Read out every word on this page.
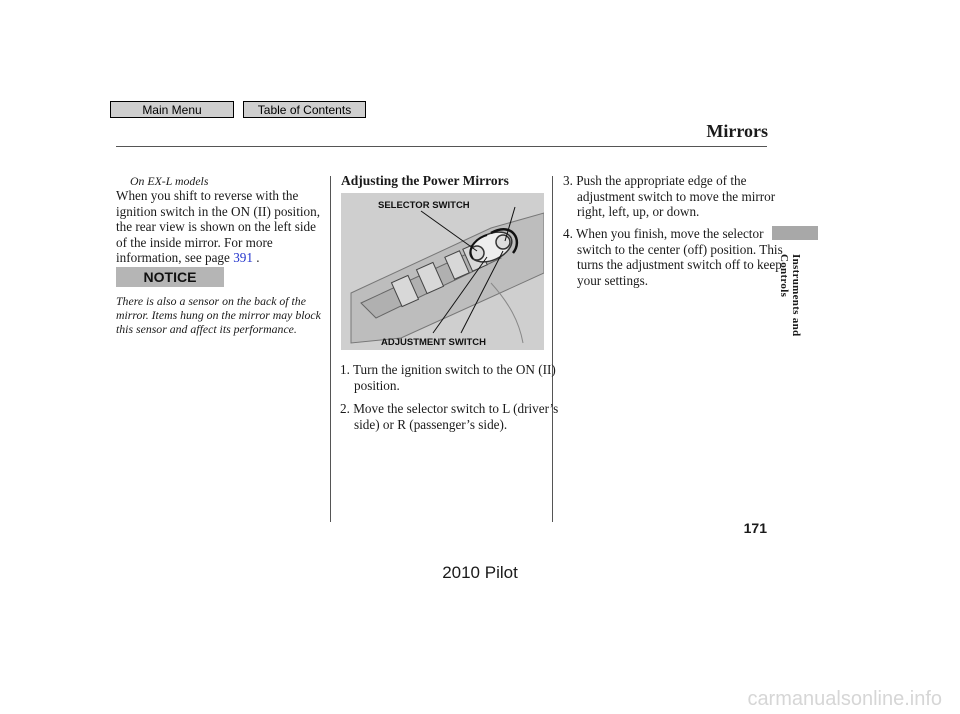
Main Menu	Table of Contents
Mirrors
Instruments and Controls
On EX-L models
When you shift to reverse with the ignition switch in the ON (II) position, the rear view is shown on the left side of the inside mirror. For more information, see page 391 .
NOTICE
There is also a sensor on the back of the mirror. Items hung on the mirror may block this sensor and affect its performance.
Adjusting the Power Mirrors
SELECTOR SWITCH
ADJUSTMENT SWITCH
1. Turn the ignition switch to the ON (II) position.
2. Move the selector switch to L (driver’s side) or R (passenger’s side).
3. Push the appropriate edge of the adjustment switch to move the mirror right, left, up, or down.
4. When you finish, move the selector switch to the center (off) position. This turns the adjustment switch off to keep your settings.
171
2010 Pilot
carmanualsonline.info
